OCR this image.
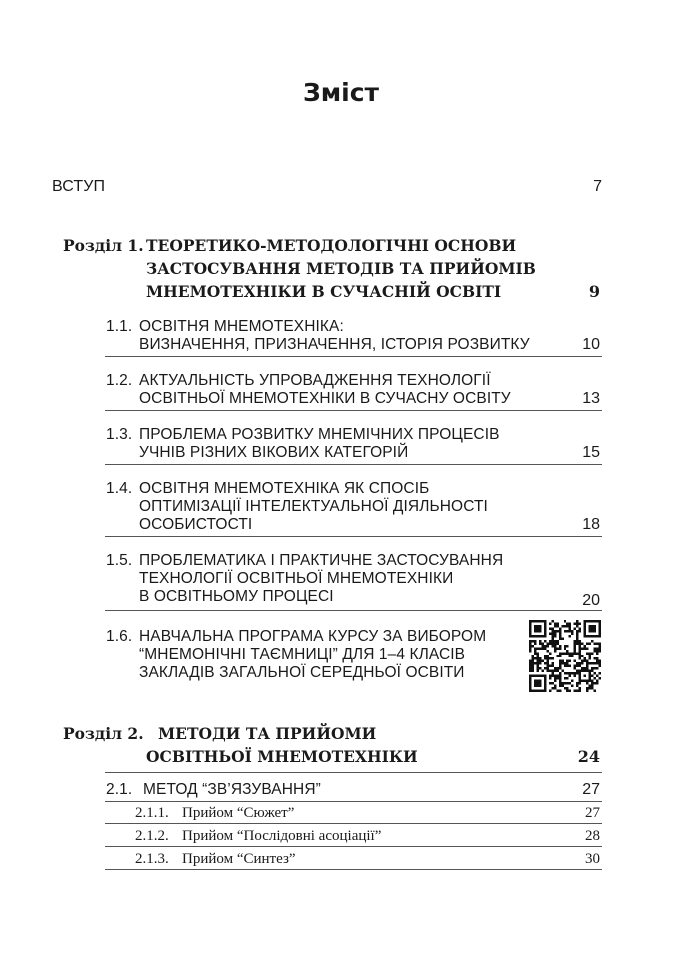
Зміст
ВСТУП	7
Розділ 1. ТЕОРЕТИКО-МЕТОДОЛОГІЧНІ ОСНОВИ
ЗАСТОСУВАННЯ МЕТОДІВ ТА ПРИЙОМІВ
МНЕМОТЕХНІКИ В СУЧАСНІЙ ОСВІТІ	9
1.1. ОСВІТНЯ МНЕМОТЕХНІКА:
ВИЗНАЧЕННЯ, ПРИЗНАЧЕННЯ, ІСТОРІЯ РОЗВИТКУ	10
1.2. АКТУАЛЬНІСТЬ УПРОВАДЖЕННЯ ТЕХНОЛОГІЇ
ОСВІТНЬОЇ МНЕМОТЕХНІКИ В СУЧАСНУ ОСВІТУ	13
1.3. ПРОБЛЕМА РОЗВИТКУ МНЕМІЧНИХ ПРОЦЕСІВ
УЧНІВ РІЗНИХ ВІКОВИХ КАТЕГОРІЙ	15
1.4. ОСВІТНЯ МНЕМОТЕХНІКА ЯК СПОСІБ
ОПТИМІЗАЦІЇ ІНТЕЛЕКТУАЛЬНОЇ ДІЯЛЬНОСТІ
ОСОБИСТОСТІ	18
1.5. ПРОБЛЕМАТИКА І ПРАКТИЧНЕ ЗАСТОСУВАННЯ
ТЕХНОЛОГІЇ ОСВІТНЬОЇ МНЕМОТЕХНІКИ
В ОСВІТНЬОМУ ПРОЦЕСІ	20
1.6. НАВЧАЛЬНА ПРОГРАМА КУРСУ ЗА ВИБОРОМ
“МНЕМОНІЧНІ ТАЄМНИЦІ” ДЛЯ 1–4 КЛАСІВ
ЗАКЛАДІВ ЗАГАЛЬНОЇ СЕРЕДНЬОЇ ОСВІТИ
Розділ 2. МЕТОДИ ТА ПРИЙОМИ
ОСВІТНЬОЇ МНЕМОТЕХНІКИ	24
2.1. МЕТОД “ЗВ’ЯЗУВАННЯ”	27
2.1.1. Прийом “Сюжет”	27
2.1.2. Прийом “Послідовні асоціації”	28
2.1.3. Прийом “Синтез”	30
